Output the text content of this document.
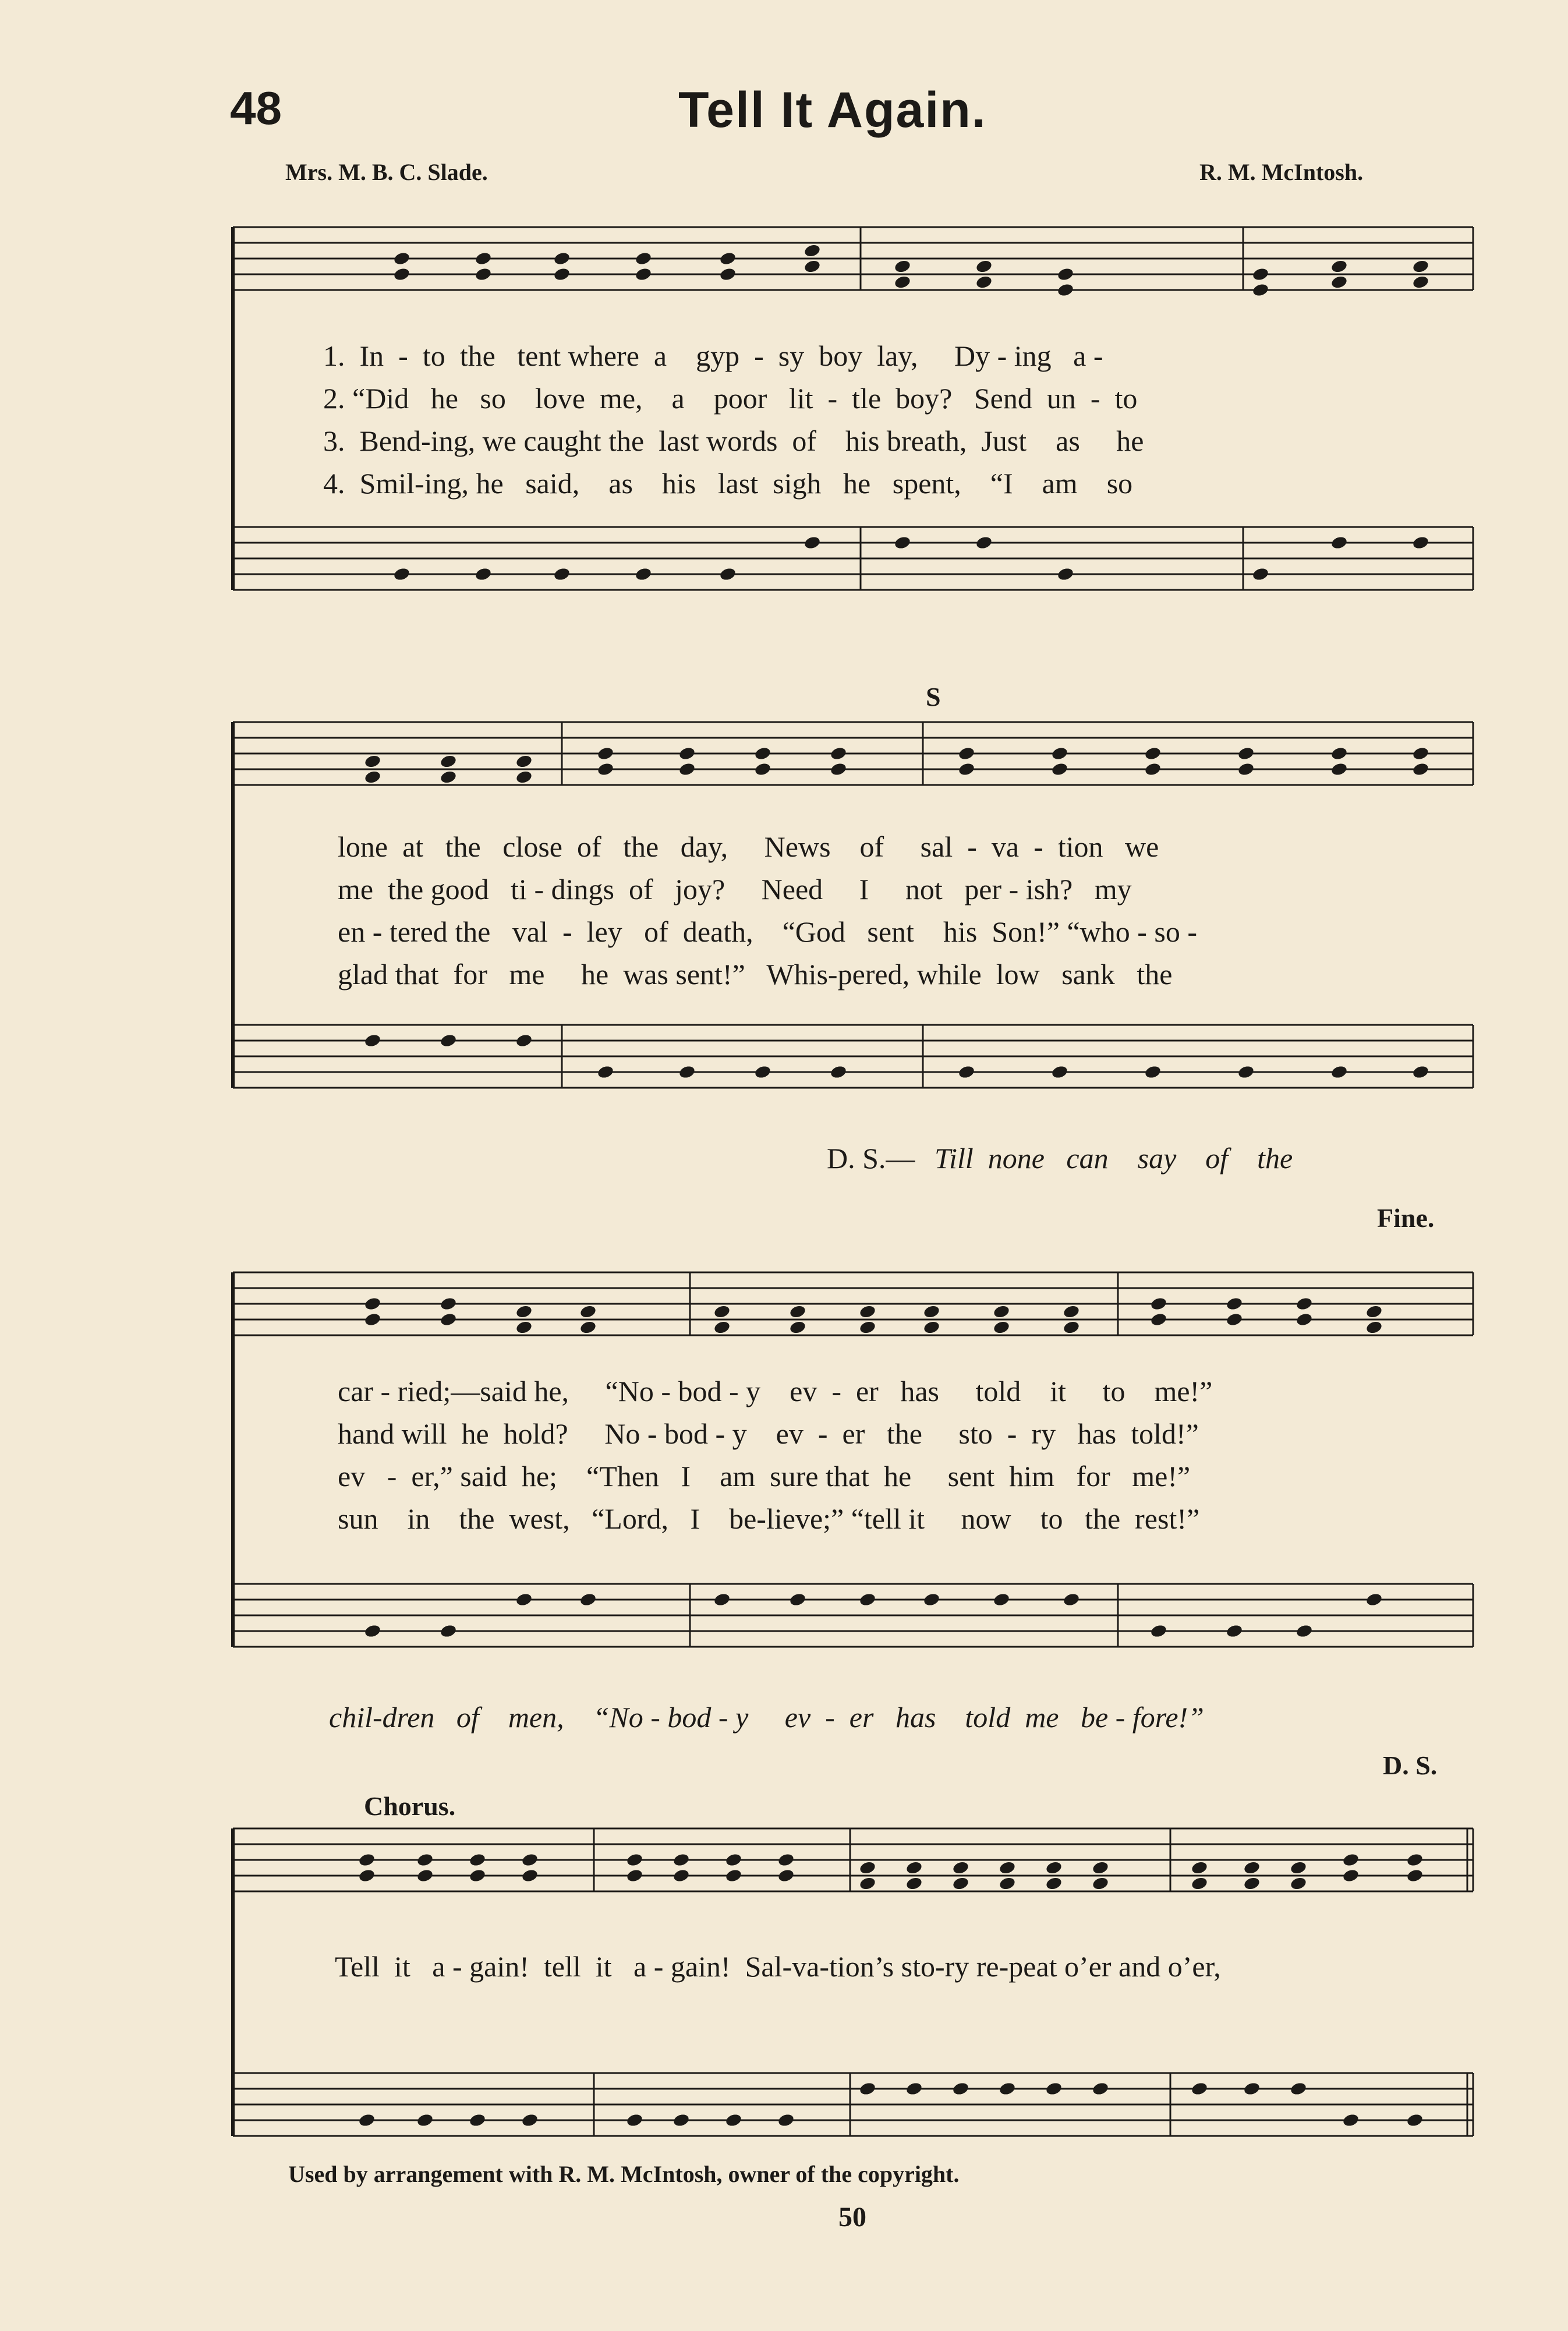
48	Tell It Again.
Mrs. M. B. C. Slade.	R. M. McIntosh.
1.  In  -  to  the   tent where  a    gyp  -  sy  boy  lay,     Dy - ing   a -
2. “Did   he   so    love  me,    a    poor   lit  -  tle  boy?   Send  un  -  to
3.  Bend-ing, we caught the  last words  of    his breath,  Just    as     he
4.  Smil-ing, he   said,    as    his   last  sigh   he   spent,    “I    am    so
S
lone  at   the   close  of   the   day,     News    of     sal  -  va  -  tion   we
me  the good   ti - dings  of   joy?     Need     I     not   per - ish?   my
en - tered the   val  -  ley   of  death,    “God   sent    his  Son!” “who - so -
glad that  for   me     he  was sent!”   Whis-pered, while  low   sank   the
D. S.— Till  none   can    say    of    the
Fine.
car - ried;—said he,     “No - bod - y    ev  -  er   has     told    it     to    me!”
hand will  he  hold?     No - bod - y    ev  -  er   the     sto  -  ry   has  told!”
ev   -  er,” said  he;    “Then   I    am  sure that  he     sent  him   for   me!”
sun    in    the  west,   “Lord,   I    be-lieve;” “tell it     now    to   the  rest!”
chil-dren   of    men,    “No - bod - y     ev  -  er   has    told  me   be - fore!”
Chorus.
D. S.
Tell  it   a - gain!  tell  it   a - gain!  Sal-va-tion’s sto-ry re-peat o’er and o’er,
Used by arrangement with R. M. McIntosh, owner of the copyright.
50
